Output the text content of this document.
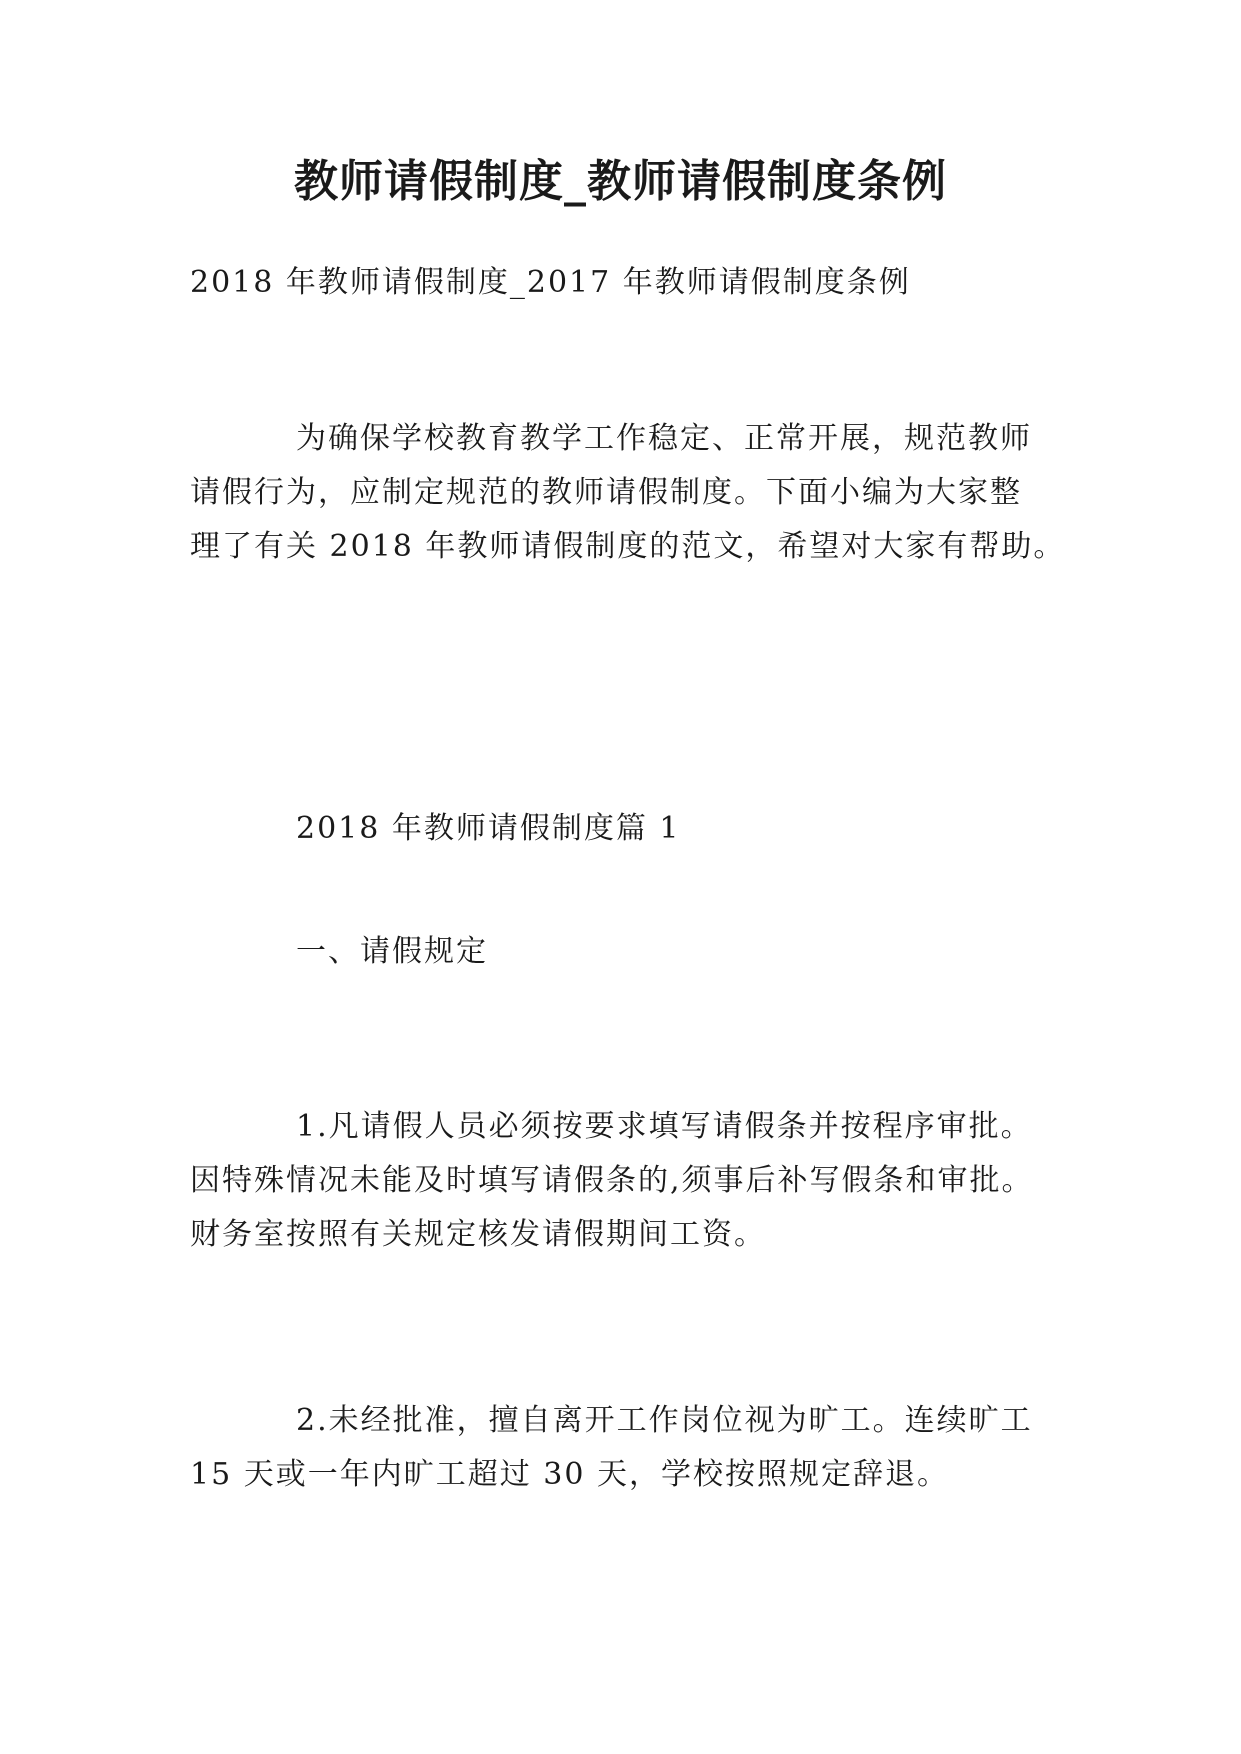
教师请假制度_教师请假制度条例
2018 年教师请假制度_2017 年教师请假制度条例
为确保学校教育教学工作稳定、正常开展，规范教师
请假行为，应制定规范的教师请假制度。下面小编为大家整
理了有关 2018 年教师请假制度的范文，希望对大家有帮助。
2018 年教师请假制度篇 1
一、请假规定
1.凡请假人员必须按要求填写请假条并按程序审批。
因特殊情况未能及时填写请假条的,须事后补写假条和审批。
财务室按照有关规定核发请假期间工资。
2.未经批准，擅自离开工作岗位视为旷工。连续旷工
15 天或一年内旷工超过 30 天，学校按照规定辞退。
